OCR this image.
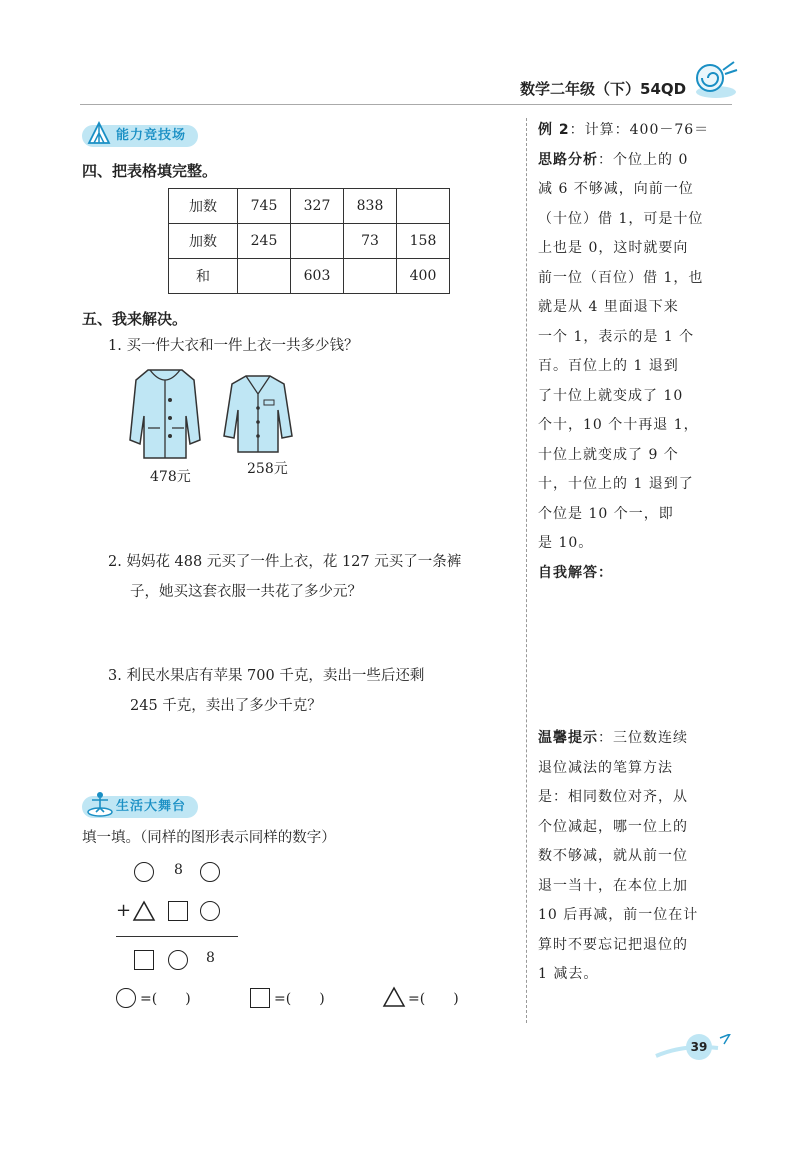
数学二年级（下）54QD
能力竞技场
四、把表格填完整。
加数	745	327	838	
加数	245		73	158
和		603		400
五、我来解决。
1. 买一件大衣和一件上衣一共多少钱？
478元	258元
2. 妈妈花 488 元买了一件上衣，花 127 元买了一条裤
子，她买这套衣服一共花了多少元？
3. 利民水果店有苹果 700 千克，卖出一些后还剩
245 千克，卖出了多少千克？
生活大舞台
填一填。（同样的图形表示同样的数字）
8
+
8
=(　　)	=(　　)	=(　　)
例 2：计算：400－76＝
思路分析：个位上的 0
减 6 不够减，向前一位
（十位）借 1，可是十位
上也是 0，这时就要向
前一位（百位）借 1，也
就是从 4 里面退下来
一个 1，表示的是 1 个
百。百位上的 1 退到
了十位上就变成了 10
个十，10 个十再退 1，
十位上就变成了 9 个
十，十位上的 1 退到了
个位是 10 个一，即
是 10。
自我解答：
温馨提示：三位数连续
退位减法的笔算方法
是：相同数位对齐，从
个位减起，哪一位上的
数不够减，就从前一位
退一当十，在本位上加
10 后再减，前一位在计
算时不要忘记把退位的
1 减去。
39
